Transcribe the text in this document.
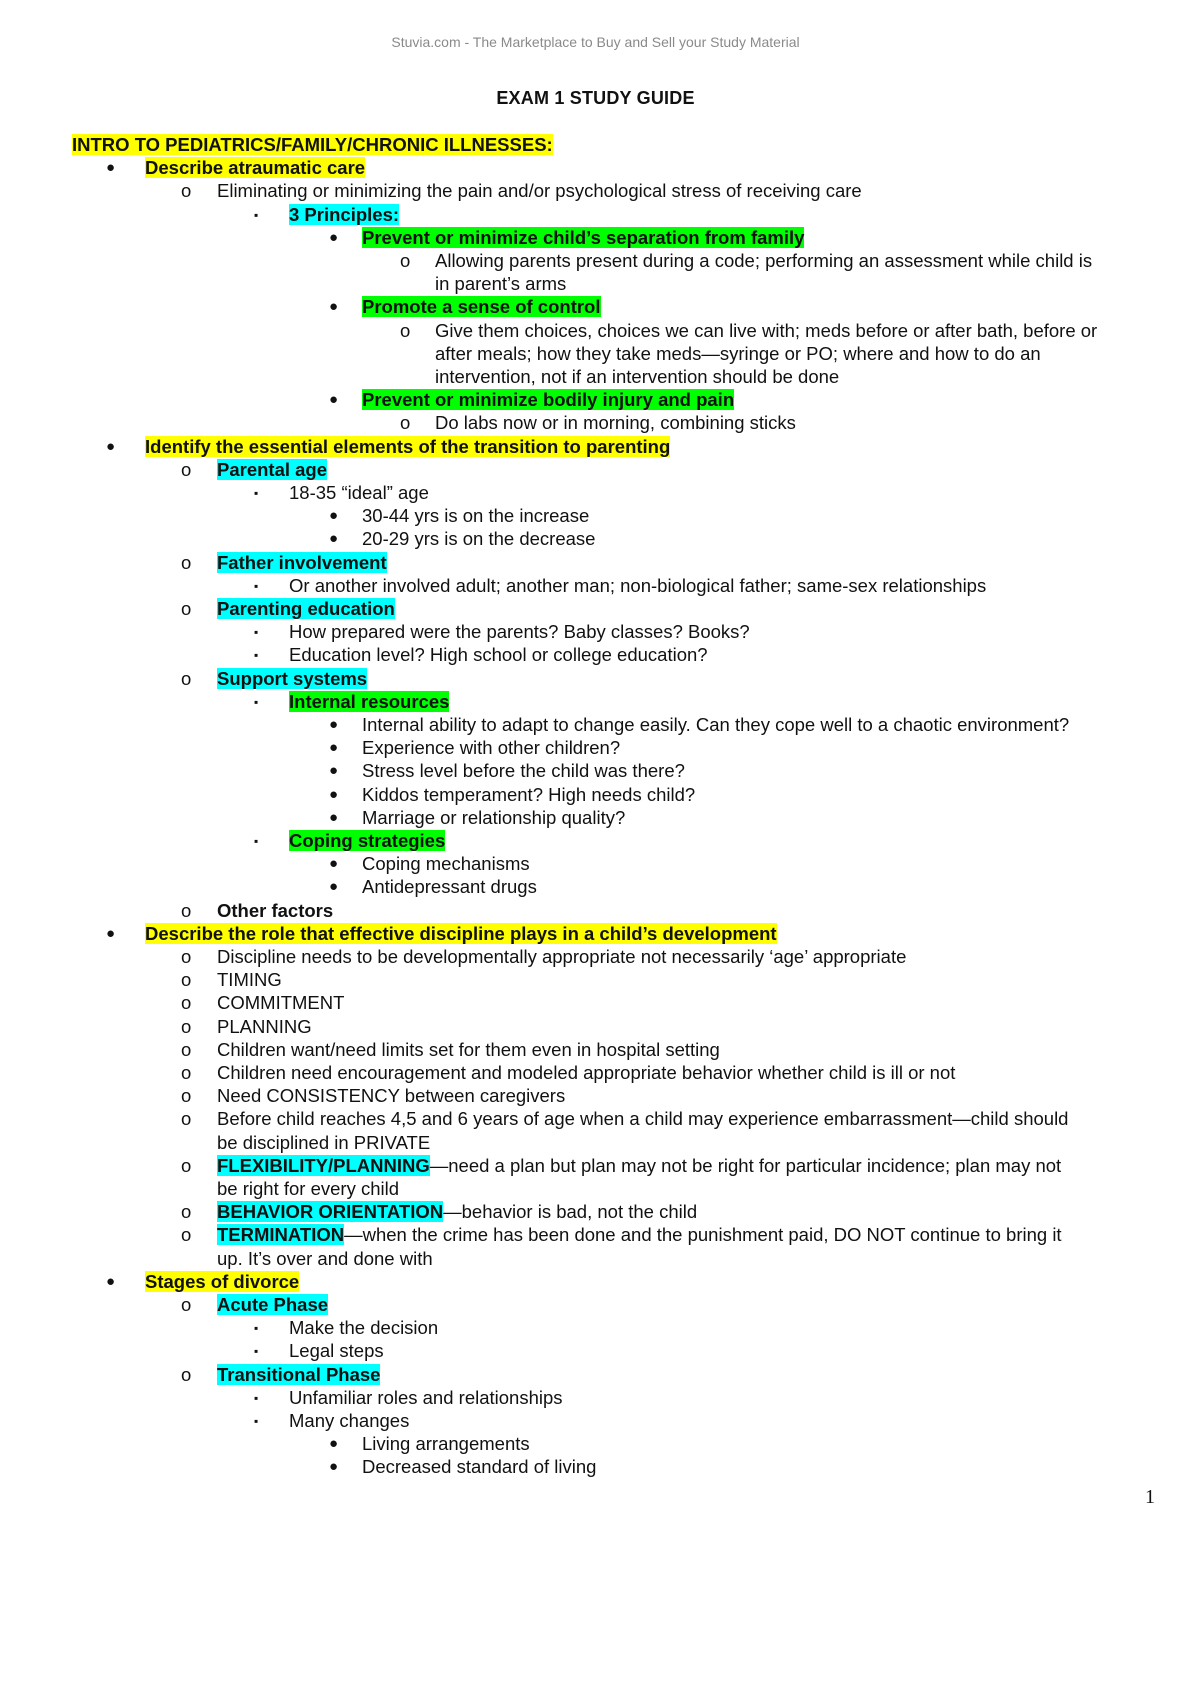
Stuvia.com - The Marketplace to Buy and Sell your Study Material
EXAM 1 STUDY GUIDE
INTRO TO PEDIATRICS/FAMILY/CHRONIC ILLNESSES:
● Describe atraumatic care
o Eliminating or minimizing the pain and/or psychological stress of receiving care
▪ 3 Principles:
● Prevent or minimize child’s separation from family
o Allowing parents present during a code; performing an assessment while child is
in parent’s arms
● Promote a sense of control
o Give them choices, choices we can live with; meds before or after bath, before or
after meals; how they take meds—syringe or PO; where and how to do an
intervention, not if an intervention should be done
● Prevent or minimize bodily injury and pain
o Do labs now or in morning, combining sticks
● Identify the essential elements of the transition to parenting
o Parental age
▪ 18-35 “ideal” age
● 30-44 yrs is on the increase
● 20-29 yrs is on the decrease
o Father involvement
▪ Or another involved adult; another man; non-biological father; same-sex relationships
o Parenting education
▪ How prepared were the parents? Baby classes? Books?
▪ Education level? High school or college education?
o Support systems
▪ Internal resources
● Internal ability to adapt to change easily. Can they cope well to a chaotic environment?
● Experience with other children?
● Stress level before the child was there?
● Kiddos temperament? High needs child?
● Marriage or relationship quality?
▪ Coping strategies
● Coping mechanisms
● Antidepressant drugs
o Other factors
● Describe the role that effective discipline plays in a child’s development
o Discipline needs to be developmentally appropriate not necessarily ‘age’ appropriate
o TIMING
o COMMITMENT
o PLANNING
o Children want/need limits set for them even in hospital setting
o Children need encouragement and modeled appropriate behavior whether child is ill or not
o Need CONSISTENCY between caregivers
o Before child reaches 4,5 and 6 years of age when a child may experience embarrassment—child should
be disciplined in PRIVATE
o FLEXIBILITY/PLANNING—need a plan but plan may not be right for particular incidence; plan may not
be right for every child
o BEHAVIOR ORIENTATION—behavior is bad, not the child
o TERMINATION—when the crime has been done and the punishment paid, DO NOT continue to bring it
up. It’s over and done with
● Stages of divorce
o Acute Phase
▪ Make the decision
▪ Legal steps
o Transitional Phase
▪ Unfamiliar roles and relationships
▪ Many changes
● Living arrangements
● Decreased standard of living
1
